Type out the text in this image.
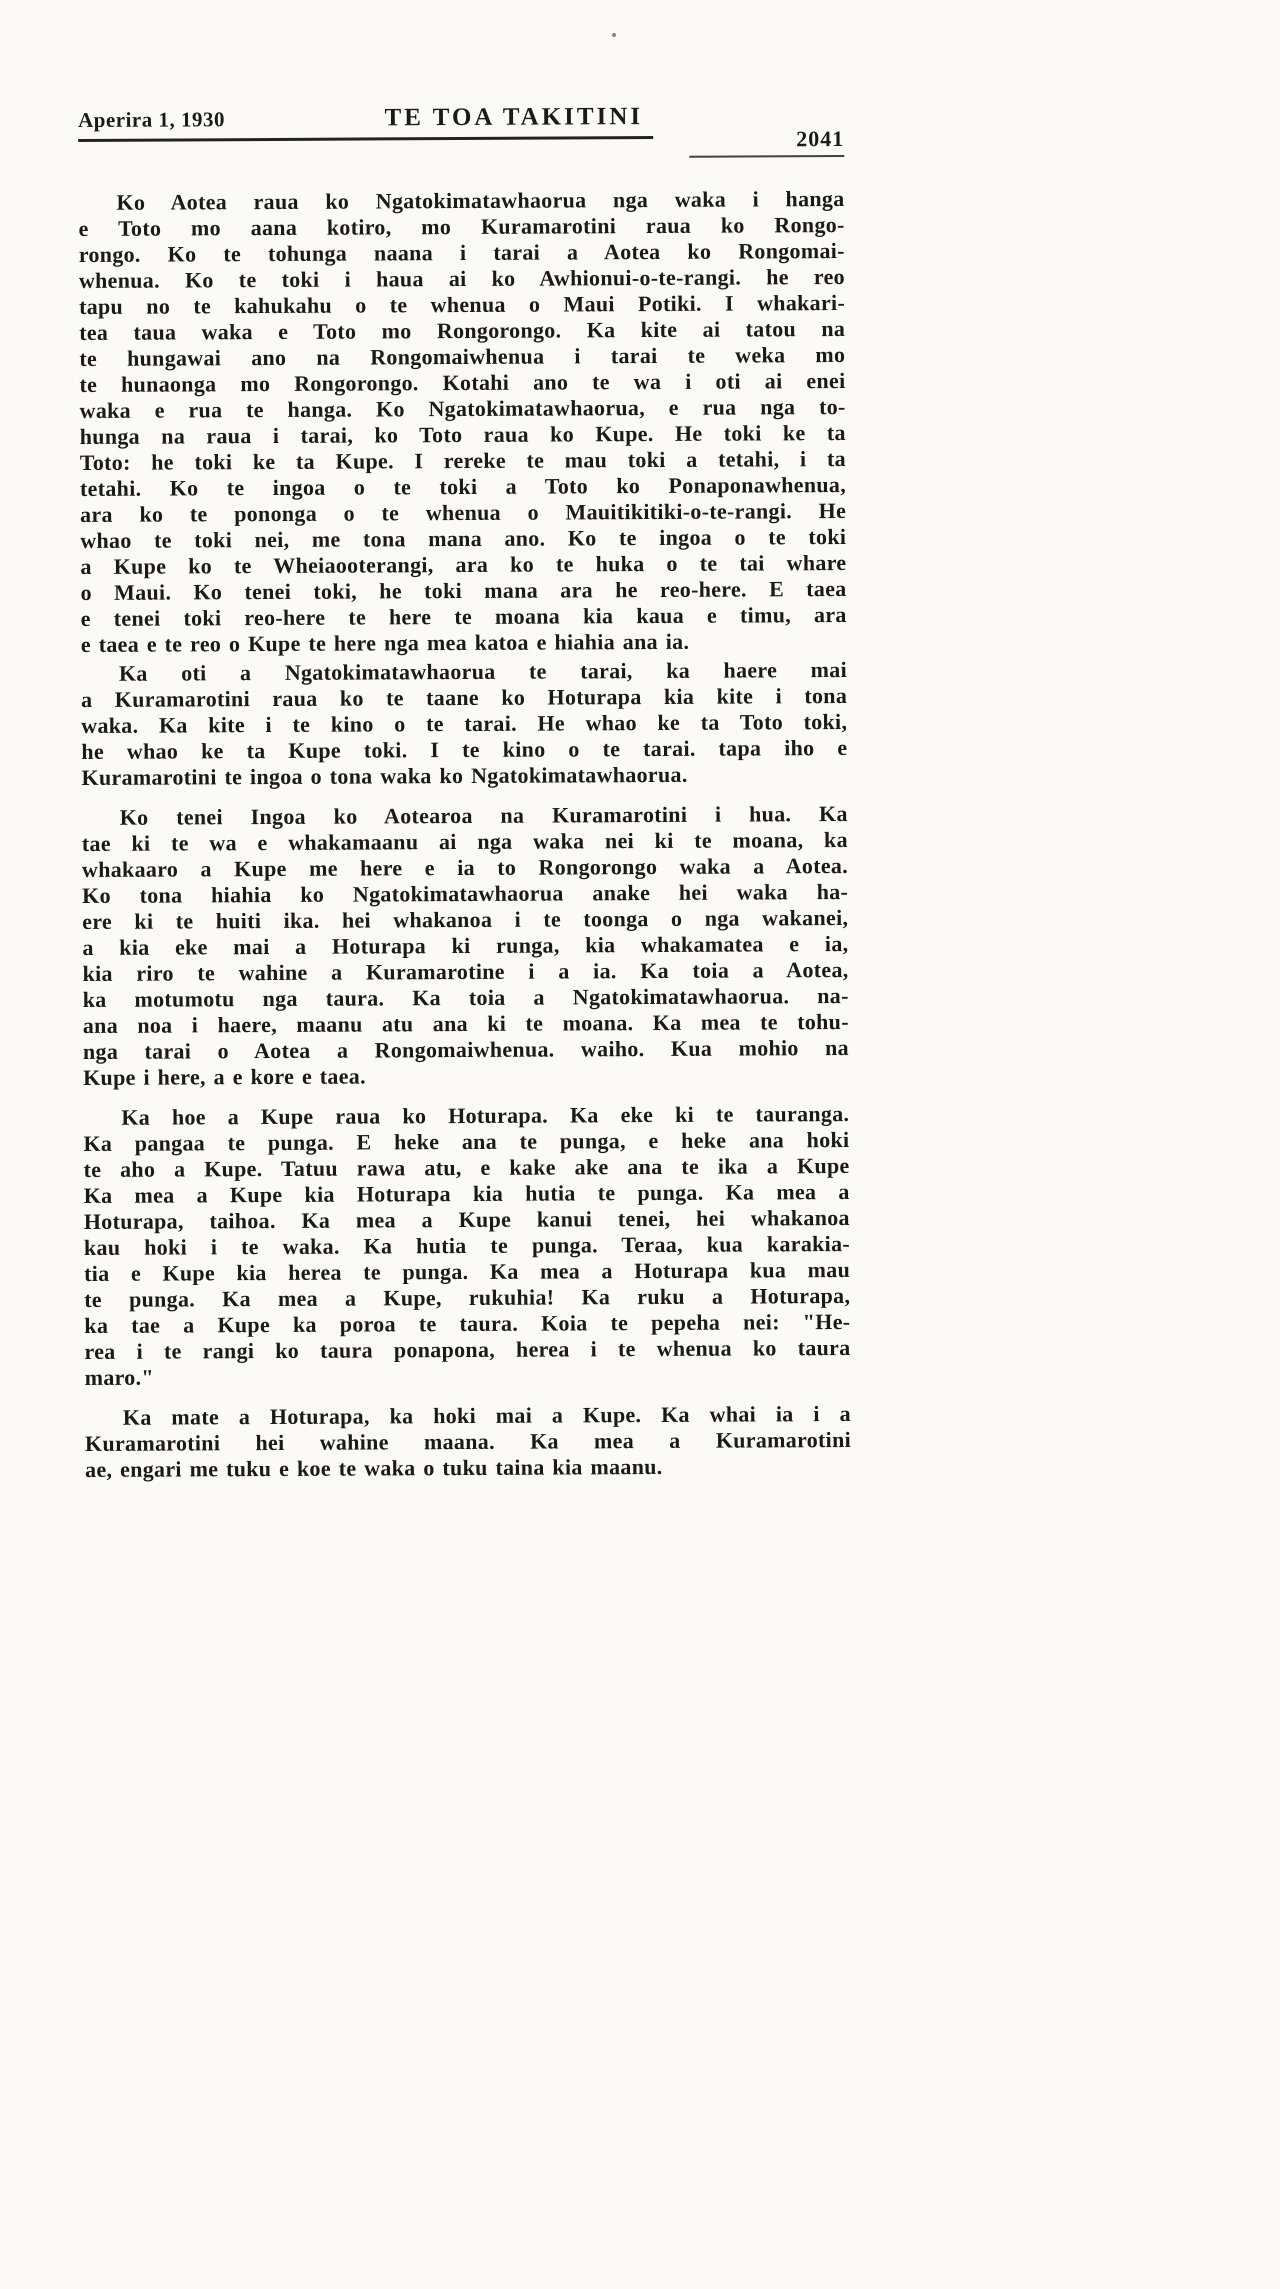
Aperira 1, 1930	TE TOA TAKITINI
2041
Ko Aotea raua ko Ngatokimatawhaorua nga waka i hanga
e Toto mo aana kotiro, mo Kuramarotini raua ko Rongo-
rongo. Ko te tohunga naana i tarai a Aotea ko Rongomai-
whenua. Ko te toki i haua ai ko Awhionui-o-te-rangi. he reo
tapu no te kahukahu o te whenua o Maui Potiki. I whakari-
tea taua waka e Toto mo Rongorongo. Ka kite ai tatou na
te hungawai ano na Rongomaiwhenua i tarai te weka mo
te hunaonga mo Rongorongo. Kotahi ano te wa i oti ai enei
waka e rua te hanga. Ko Ngatokimatawhaorua, e rua nga to-
hunga na raua i tarai, ko Toto raua ko Kupe. He toki ke ta
Toto: he toki ke ta Kupe. I rereke te mau toki a tetahi, i ta
tetahi. Ko te ingoa o te toki a Toto ko Ponaponawhenua,
ara ko te pononga o te whenua o Mauitikitiki-o-te-rangi. He
whao te toki nei, me tona mana ano. Ko te ingoa o te toki
a Kupe ko te Wheiaooterangi, ara ko te huka o te tai whare
o Maui. Ko tenei toki, he toki mana ara he reo-here. E taea
e tenei toki reo-here te here te moana kia kaua e timu, ara
e taea e te reo o Kupe te here nga mea katoa e hiahia ana ia.
Ka oti a Ngatokimatawhaorua te tarai, ka haere mai
a Kuramarotini raua ko te taane ko Hoturapa kia kite i tona
waka. Ka kite i te kino o te tarai. He whao ke ta Toto toki,
he whao ke ta Kupe toki. I te kino o te tarai. tapa iho e
Kuramarotini te ingoa o tona waka ko Ngatokimatawhaorua.
Ko tenei Ingoa ko Aotearoa na Kuramarotini i hua. Ka
tae ki te wa e whakamaanu ai nga waka nei ki te moana, ka
whakaaro a Kupe me here e ia to Rongorongo waka a Aotea.
Ko tona hiahia ko Ngatokimatawhaorua anake hei waka ha-
ere ki te huiti ika. hei whakanoa i te toonga o nga wakanei,
a kia eke mai a Hoturapa ki runga, kia whakamatea e ia,
kia riro te wahine a Kuramarotine i a ia. Ka toia a Aotea,
ka motumotu nga taura. Ka toia a Ngatokimatawhaorua. na-
ana noa i haere, maanu atu ana ki te moana. Ka mea te tohu-
nga tarai o Aotea a Rongomaiwhenua. waiho. Kua mohio na
Kupe i here, a e kore e taea.
Ka hoe a Kupe raua ko Hoturapa. Ka eke ki te tauranga.
Ka pangaa te punga. E heke ana te punga, e heke ana hoki
te aho a Kupe. Tatuu rawa atu, e kake ake ana te ika a Kupe
Ka mea a Kupe kia Hoturapa kia hutia te punga. Ka mea a
Hoturapa, taihoa. Ka mea a Kupe kanui tenei, hei whakanoa
kau hoki i te waka. Ka hutia te punga. Teraa, kua karakia-
tia e Kupe kia herea te punga. Ka mea a Hoturapa kua mau
te punga. Ka mea a Kupe, rukuhia! Ka ruku a Hoturapa,
ka tae a Kupe ka poroa te taura. Koia te pepeha nei: "He-
rea i te rangi ko taura ponapona, herea i te whenua ko taura
maro."
Ka mate a Hoturapa, ka hoki mai a Kupe. Ka whai ia i a
Kuramarotini hei wahine maana. Ka mea a Kuramarotini
ae, engari me tuku e koe te waka o tuku taina kia maanu.
